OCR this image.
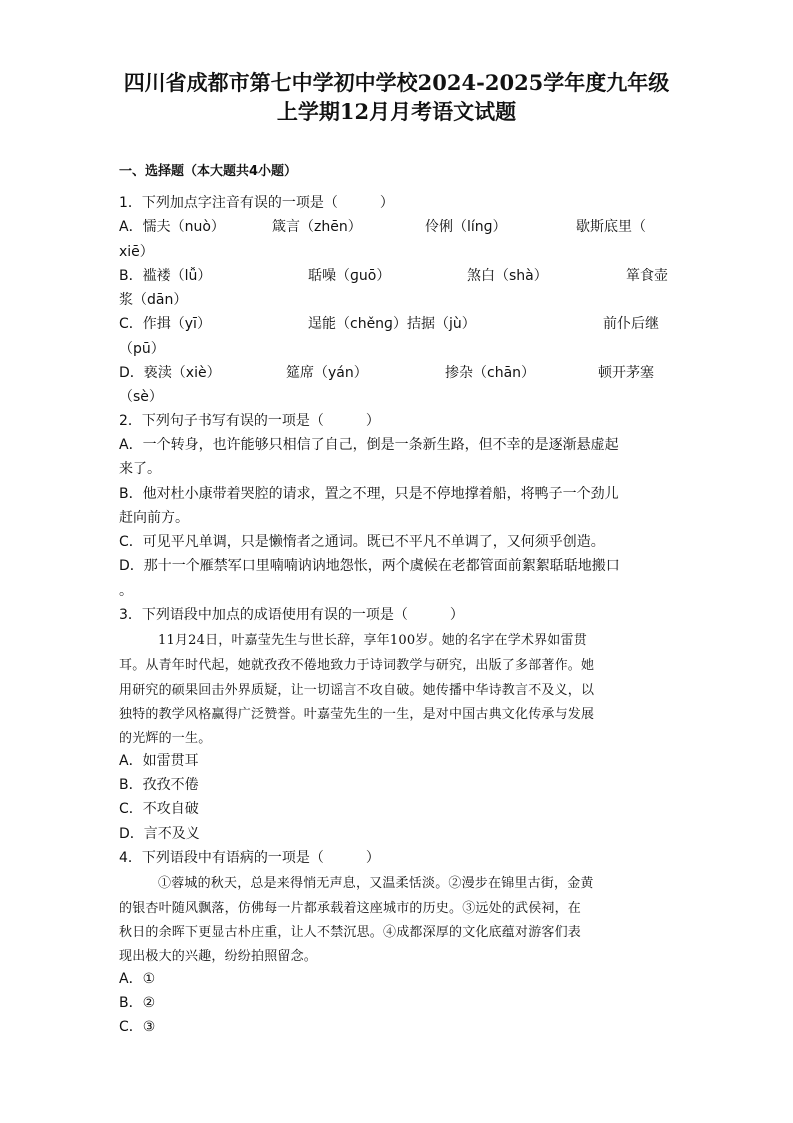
四川省成都市第七中学初中学校2024-2025学年度九年级
上学期12月月考语文试题
一、选择题（本大题共4小题）
1．下列加点字注音有误的一项是（　　　）
A．懦夫（nuò）	箴言（zhēn）	伶俐（línɡ）	歇斯底里（
xiē）
B．褴褛（lǚ）	聒噪（ɡuō）	煞白（shà）	箪食壶
浆（dān）
C．作揖（yī）	逞能（chěnɡ）拮据（jù）	前仆后继
（pū）
D．亵渎（xiè）	筵席（yán）	掺杂（chān）	顿开茅塞
（sè）
2．下列句子书写有误的一项是（　　　）
A．一个转身，也许能够只相信了自己，倒是一条新生路，但不幸的是逐渐悬虚起
来了。
B．他对杜小康带着哭腔的请求，置之不理，只是不停地撑着船，将鸭子一个劲儿
赶向前方。
C．可见平凡单调，只是懒惰者之通词。既已不平凡不单调了，又何须乎创造。
D．那十一个雁禁军口里喃喃讷讷地怨怅，两个虞候在老都管面前絮絮聒聒地搬口
。
3．下列语段中加点的成语使用有误的一项是（　　　）
11月24日，叶嘉莹先生与世长辞，享年100岁。她的名字在学术界如雷贯
耳。从青年时代起，她就孜孜不倦地致力于诗词教学与研究，出版了多部著作。她
用研究的硕果回击外界质疑，让一切谣言不攻自破。她传播中华诗教言不及义，以
独特的教学风格赢得广泛赞誉。叶嘉莹先生的一生，是对中国古典文化传承与发展
的光辉的一生。
A．如雷贯耳
B．孜孜不倦
C．不攻自破
D．言不及义
4．下列语段中有语病的一项是（　　　）
①蓉城的秋天，总是来得悄无声息，又温柔恬淡。②漫步在锦里古街，金黄
的银杏叶随风飘落，仿佛每一片都承载着这座城市的历史。③远处的武侯祠，在
秋日的余晖下更显古朴庄重，让人不禁沉思。④成都深厚的文化底蕴对游客们表
现出极大的兴趣，纷纷拍照留念。
A．①
B．②
C．③
